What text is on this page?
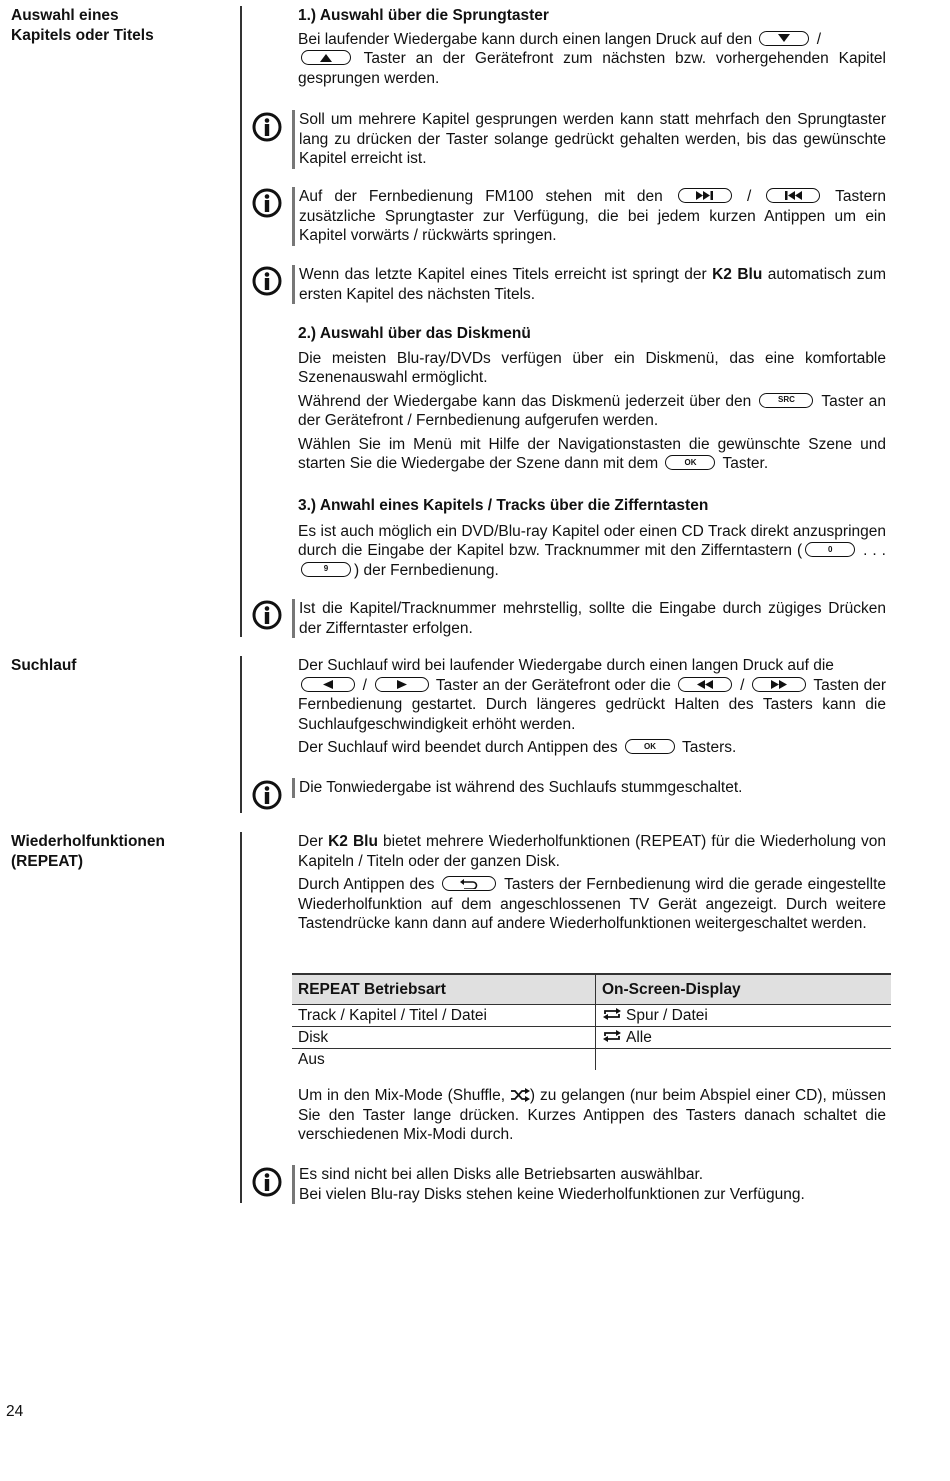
Auswahl eines
Kapitels oder Titels
Suchlauf
Wiederholfunktionen
(REPEAT)

1.) Auswahl über die Sprungtaster

Bei laufender Wiedergabe kann durch einen langen Druck auf den	/

Taster an der Gerätefront zum nächsten bzw. vorhergehenden Kapitel gesprungen werden.

Soll um mehrere Kapitel gesprungen werden kann statt mehrfach den Sprungtaster lang zu drücken der Taster solange gedrückt gehalten werden, bis das gewünschte Kapitel erreicht ist.

Auf der Fernbedienung FM100 stehen mit den	/	Tastern zusätzliche Sprungtaster zur Verfügung, die bei jedem kurzen Antippen um ein Kapitel vorwärts / rückwärts springen.

Wenn das letzte Kapitel eines Titels erreicht ist springt der K2 Blu automatisch zum ersten Kapitel des nächsten Titels.

2.) Auswahl über das Diskmenü

Die meisten Blu-ray/DVDs verfügen über ein Diskmenü, das eine komfortable Szenenauswahl ermöglicht.

Während der Wiedergabe kann das Diskmenü jederzeit über den	SRC Taster an der Gerätefront / Fernbedienung aufgerufen werden.

Wählen Sie im Menü mit Hilfe der Navigationstasten die gewünschte Szene und starten Sie die Wiedergabe der Szene dann mit dem	OK Taster.

3.) Anwahl eines Kapitels / Tracks über die Zifferntasten

Es ist auch möglich ein DVD/Blu-ray Kapitel oder einen CD Track direkt anzuspringen durch die Eingabe der Kapitel bzw. Tracknummer mit den Zifferntastern (	0 . . . 9 ) der Fernbedienung.

Ist die Kapitel/Tracknummer mehrstellig, sollte die Eingabe durch zügiges Drücken der Zifferntaster erfolgen.

Der Suchlauf wird bei laufender Wiedergabe durch einen langen Druck auf die

/	Taster an der Gerätefront oder die	/	Tasten der Fernbedienung gestartet. Durch längeres gedrückt Halten des Tasters kann die Suchlaufgeschwindigkeit erhöht werden.

Der Suchlauf wird beendet durch Antippen des	OK Tasters.

Die Tonwiedergabe ist während des Suchlaufs stummgeschaltet.

Der K2 Blu bietet mehrere Wiederholfunktionen (REPEAT) für die Wiederholung von Kapiteln / Titeln oder der ganzen Disk.

Durch Antippen des	Tasters der Fernbedienung wird die gerade eingestellte Wiederholfunktion auf dem angeschlossenen TV Gerät angezeigt. Durch weitere Tastendrücke kann dann auf andere Wiederholfunktionen weitergeschaltet werden.

REPEAT Betriebsart	On-Screen-Display
Track / Kapitel / Titel / Datei	Spur / Datei
Disk	Alle
Aus	

Um in den Mix-Mode (Shuffle, ) zu gelangen (nur beim Abspiel einer CD), müssen Sie den Taster lange drücken. Kurzes Antippen des Tasters danach schaltet die verschiedenen Mix-Modi durch.

Es sind nicht bei allen Disks alle Betriebsarten auswählbar.

Bei vielen Blu-ray Disks stehen keine Wiederholfunktionen zur Verfügung.

24
